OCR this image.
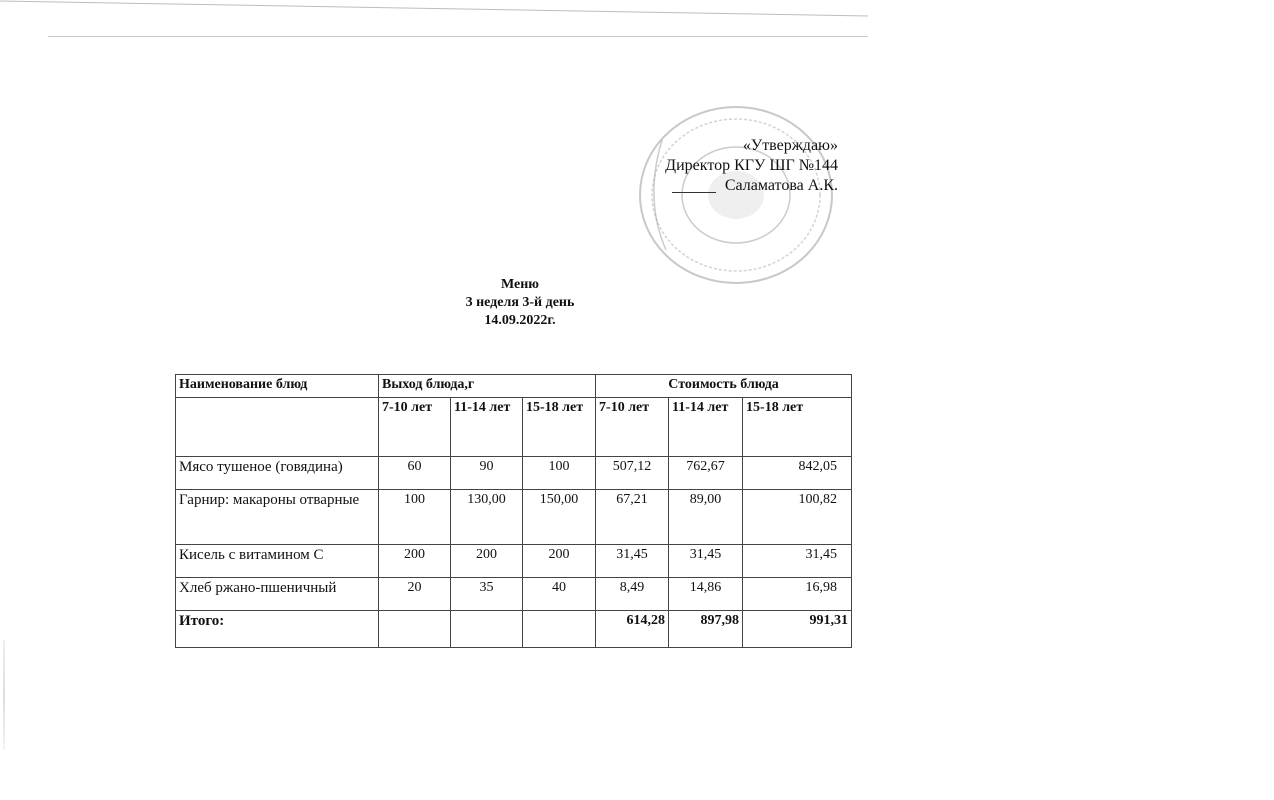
«Утверждаю»
Директор КГУ ШГ №144
Саламатова А.К.
Меню
3 неделя 3-й день
14.09.2022г.
Наименование блюд	Выход блюда,г			Стоимость блюда		
	7-10 лет	11-14 лет	15-18 лет	7-10 лет	11-14 лет	15-18 лет
Мясо тушеное (говядина)	60	90	100	507,12	762,67	842,05
Гарнир: макароны отварные	100	130,00	150,00	67,21	89,00	100,82
Кисель с витамином С	200	200	200	31,45	31,45	31,45
Хлеб ржано-пшеничный	20	35	40	8,49	14,86	16,98
Итого:				614,28	897,98	991,31
